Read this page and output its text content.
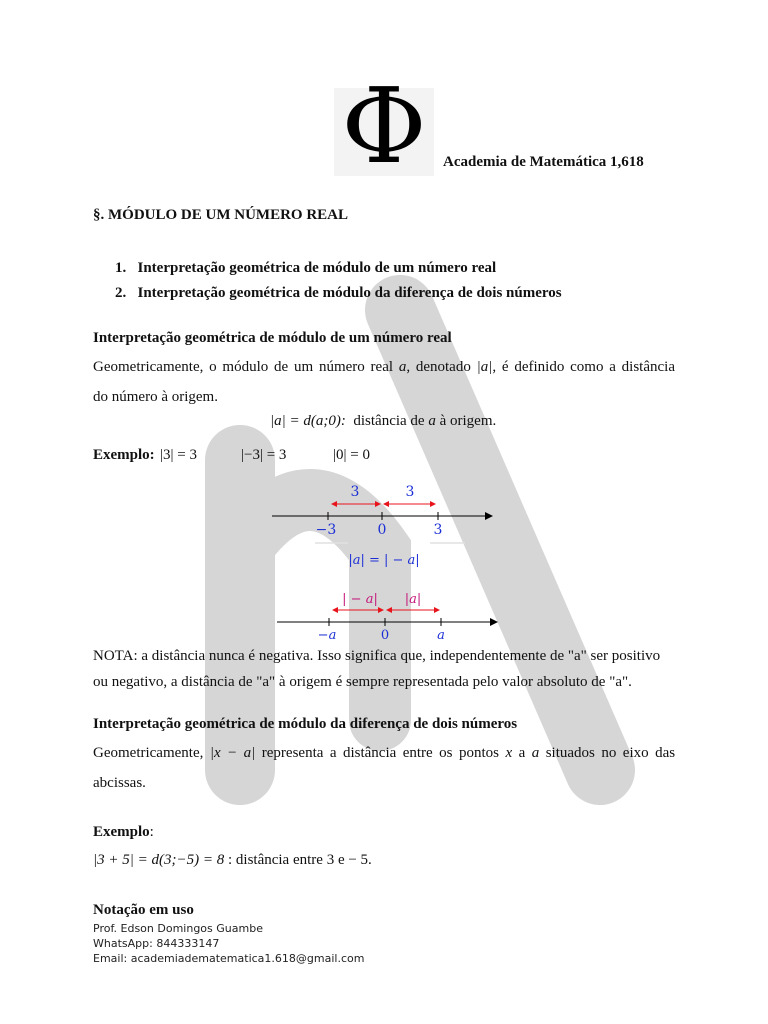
Φ	Academia de Matemática 1,618
§. MÓDULO DE UM NÚMERO REAL
1. Interpretação geométrica de módulo de um número real
2. Interpretação geométrica de módulo da diferença de dois números
Interpretação geométrica de módulo de um número real
Geometricamente, o módulo de um número real a, denotado |a|, é definido como a distância
do número à origem.
|a| = d(a;0): distância de a à origem.
Exemplo: |3| = 3	|−3| = 3	|0| = 0
3	3
−3	0	3
|a| = | − a|
| − a| |a|
−a	0	a
NOTA: a distância nunca é negativa. Isso significa que, independentemente de "a" ser positivo
ou negativo, a distância de "a" à origem é sempre representada pelo valor absoluto de "a".
Interpretação geométrica de módulo da diferença de dois números
Geometricamente, |x − a| representa a distância entre os pontos x a a situados no eixo das
abcissas.
Exemplo:
|3 + 5| = d(3;−5) = 8 : distância entre 3 e − 5.
Notação em uso
Prof. Edson Domingos Guambe
WhatsApp: 844333147
Email: academiadematematica1.618@gmail.com
